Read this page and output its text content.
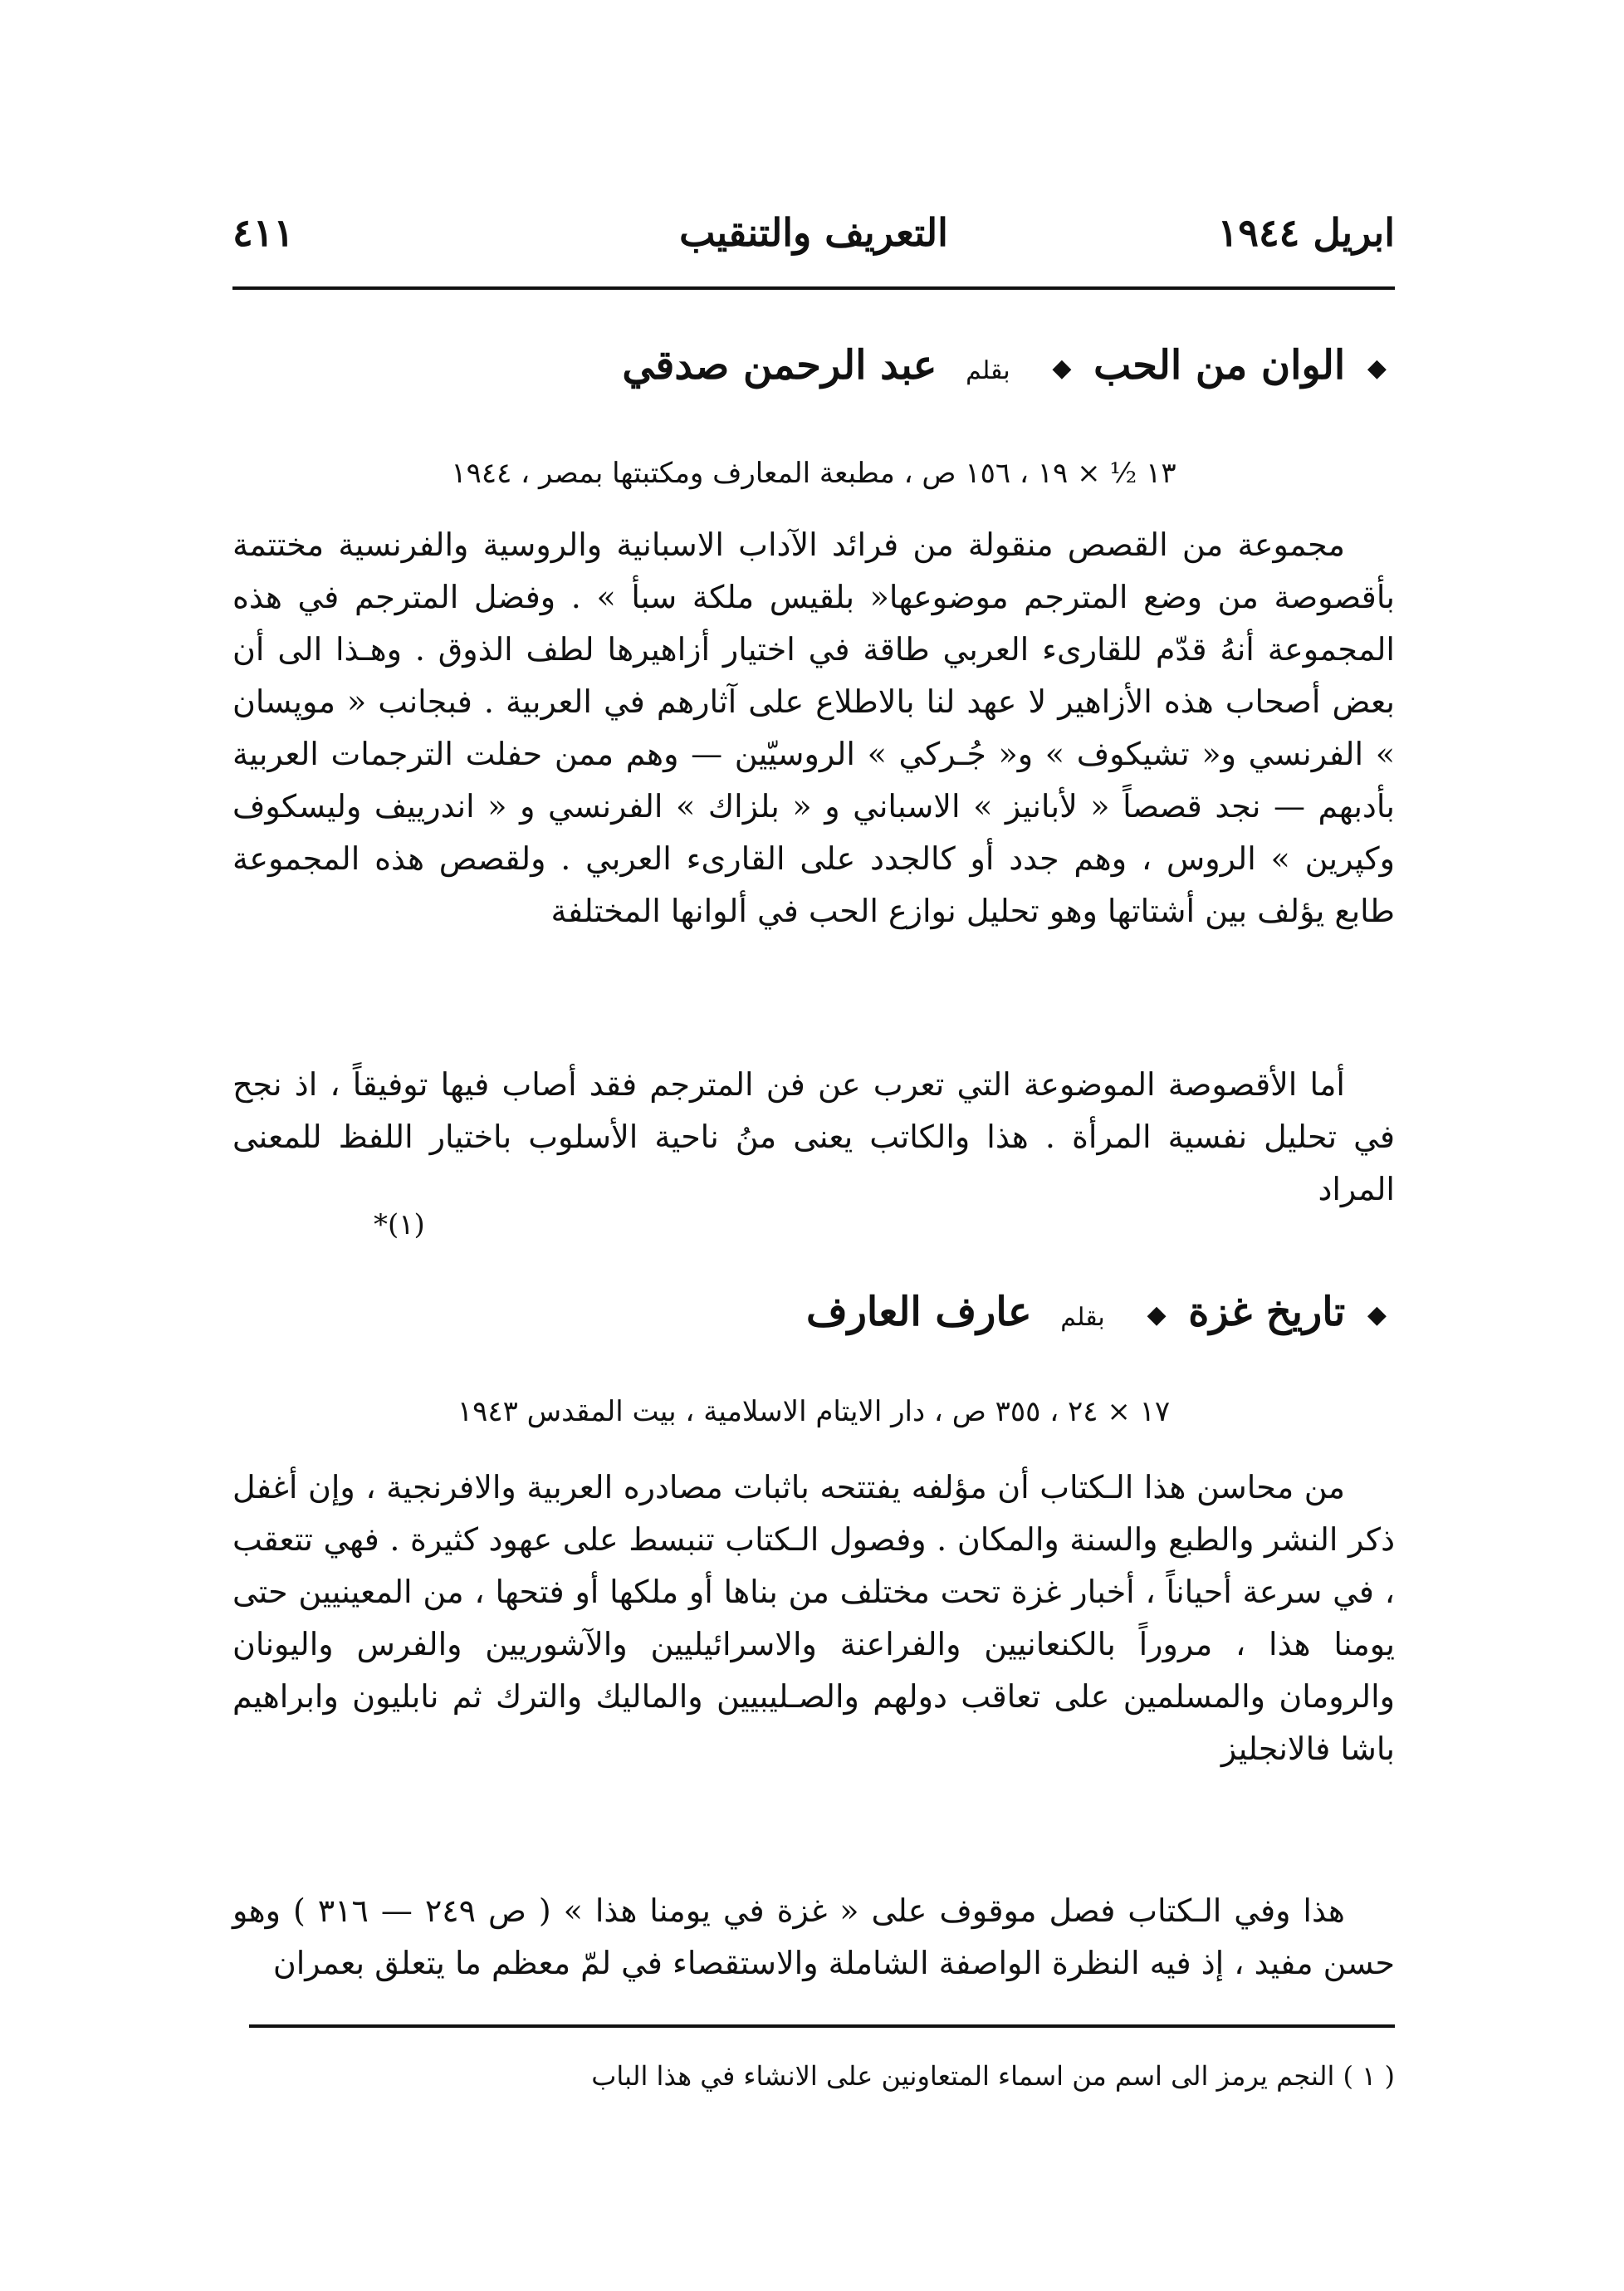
ابريل ١٩٤٤
التعريف والتنقيب
٤١١
◆ الوان من الحب ◆ بقلم عبد الرحمن صدقي
١٣ ½ × ١٩ ، ١٥٦ ص ، مطبعة المعارف ومكتبتها بمصر ، ١٩٤٤
مجموعة من القصص منقولة من فرائد الآداب الاسبانية والروسية والفرنسية مختتمة بأقصوصة من وضع المترجم موضوعها« بلقيس ملكة سبأ » . وفضل المترجم في هذه المجموعة أنهُ قدّم للقارىء العربي طاقة في اختيار أزاهيرها لطف الذوق . وهـذا الى أن بعض أصحاب هذه الأزاهير لا عهد لنا بالاطلاع على آثارهم في العربية . فبجانب « موپسان » الفرنسي و« تشيكوف » و« جُـركي » الروسيّين — وهم ممن حفلت الترجمات العربية بأدبهم — نجد قصصاً « لأبانيز » الاسباني و « بلزاك » الفرنسي و « اندرييف وليسكوف وكپرين » الروس ، وهم جدد أو كالجدد على القارىء العربي . ولقصص هذه المجموعة طابع يؤلف بين أشتاتها وهو تحليل نوازع الحب في ألوانها المختلفة
أما الأقصوصة الموضوعة التي تعرب عن فن المترجم فقد أصاب فيها توفيقاً ، اذ نجح في تحليل نفسية المرأة . هذا والكاتب يعنى منُ ناحية الأسلوب باختيار اللفظ للمعنى المراد
*(١)
◆ تاريخ غزة ◆ بقلم عارف العارف
١٧ × ٢٤ ، ٣٥٥ ص ، دار الايتام الاسلامية ، بيت المقدس ١٩٤٣
من محاسن هذا الـكتاب أن مؤلفه يفتتحه باثبات مصادره العربية والافرنجية ، وإن أغفل ذكر النشر والطبع والسنة والمكان . وفصول الـكتاب تنبسط على عهود كثيرة . فهي تتعقب ، في سرعة أحياناً ، أخبار غزة تحت مختلف من بناها أو ملكها أو فتحها ، من المعينيين حتى يومنا هذا ، مروراً بالكنعانيين والفراعنة والاسرائيليين والآشوريين والفرس واليونان والرومان والمسلمين على تعاقب دولهم والصـليبيين والماليك والترك ثم نابليون وابراهيم باشا فالانجليز
هذا وفي الـكتاب فصل موقوف على « غزة في يومنا هذا » ( ص ٢٤٩ — ٣١٦ ) وهو حسن مفيد ، إذ فيه النظرة الواصفة الشاملة والاستقصاء في لمّ معظم ما يتعلق بعمران
( ١ ) النجم يرمز الى اسم من اسماء المتعاونين على الانشاء في هذا الباب
